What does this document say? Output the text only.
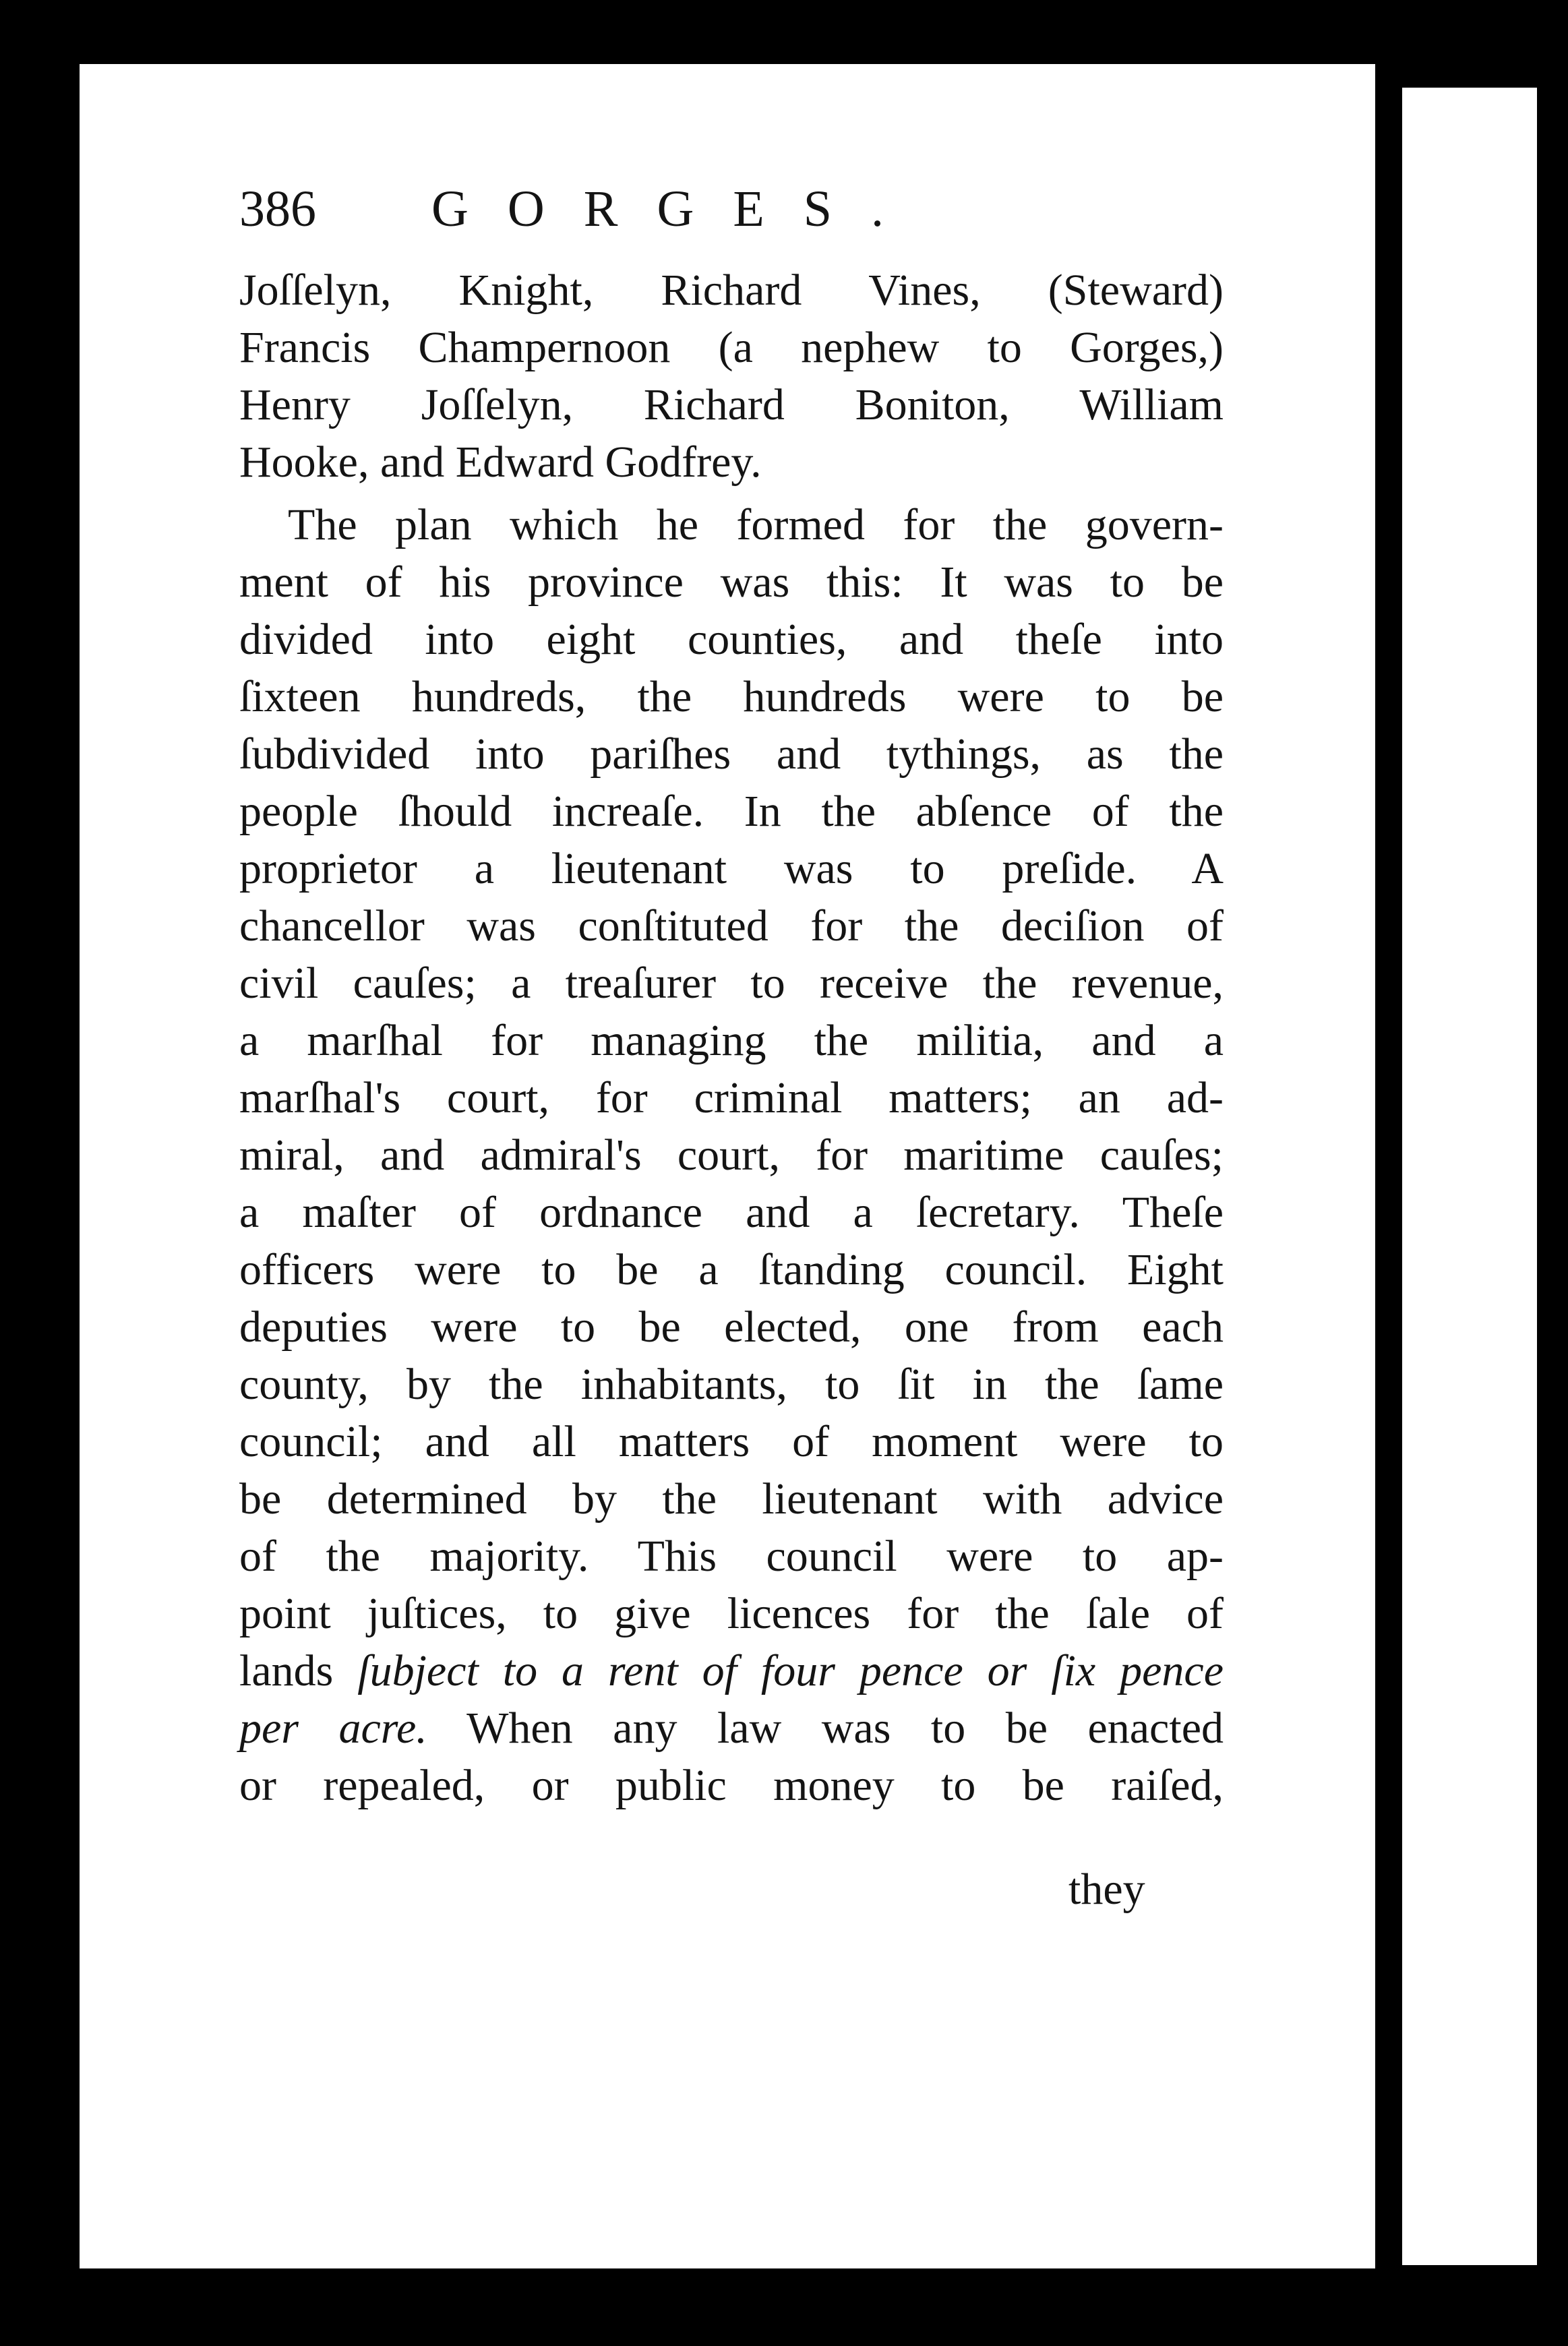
386 GORGES.
Joſſelyn, Knight, Richard Vines, (Steward)
Francis Champernoon (a nephew to Gorges,)
Henry Joſſelyn, Richard Boniton, William
Hooke, and Edward Godfrey.
The plan which he formed for the govern-
ment of his province was this: It was to be
divided into eight counties, and theſe into
ſixteen hundreds, the hundreds were to be
ſubdivided into pariſhes and tythings, as the
people ſhould increaſe. In the abſence of the
proprietor a lieutenant was to preſide. A
chancellor was conſtituted for the deciſion of
civil cauſes; a treaſurer to receive the revenue,
a marſhal for managing the militia, and a
marſhal's court, for criminal matters; an ad-
miral, and admiral's court, for maritime cauſes;
a maſter of ordnance and a ſecretary. Theſe
officers were to be a ſtanding council. Eight
deputies were to be elected, one from each
county, by the inhabitants, to ſit in the ſame
council; and all matters of moment were to
be determined by the lieutenant with advice
of the majority. This council were to ap-
point juſtices, to give licences for the ſale of
lands ſubject to a rent of four pence or ſix pence
per acre. When any law was to be enacted
or repealed, or public money to be raiſed,
they
